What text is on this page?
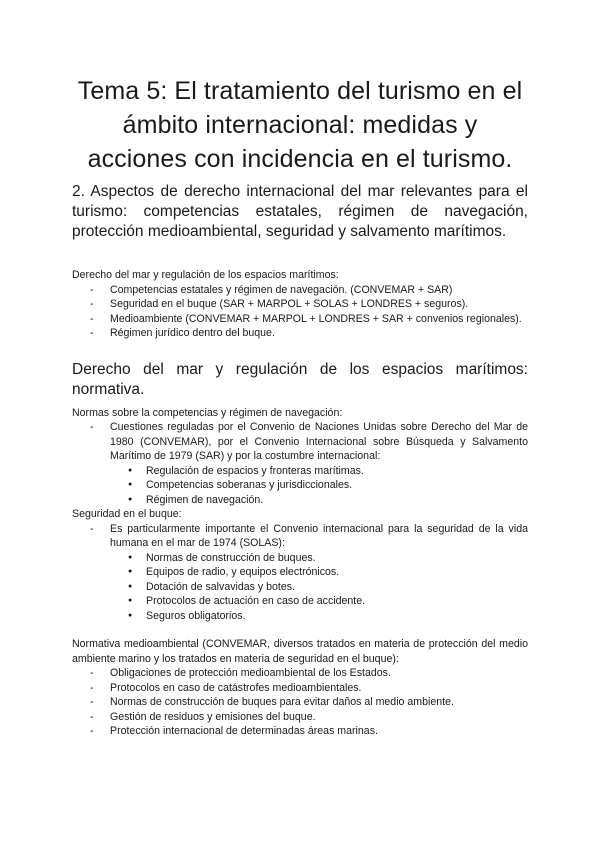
Tema 5: El tratamiento del turismo en el ámbito internacional: medidas y acciones con incidencia en el turismo.
2. Aspectos de derecho internacional del mar relevantes para el turismo: competencias estatales, régimen de navegación, protección medioambiental, seguridad y salvamento marítimos.

Derecho del mar y regulación de los espacios marítimos:

- Competencias estatales y régimen de navegación. (CONVEMAR + SAR)
- Seguridad en el buque (SAR + MARPOL + SOLAS + LONDRES + seguros).
- Medioambiente (CONVEMAR + MARPOL + LONDRES + SAR + convenios regionales).
- Régimen jurídico dentro del buque.
Derecho del mar y regulación de los espacios marítimos: normativa.

Normas sobre la competencias y régimen de navegación:

- Cuestiones reguladas por el Convenio de Naciones Unidas sobre Derecho del Mar de 1980 (CONVEMAR), por el Convenio Internacional sobre Búsqueda y Salvamento Marítimo de 1979 (SAR) y por la costumbre internacional:
● Regulación de espacios y fronteras marítimas.
● Competencias soberanas y jurisdiccionales.
● Régimen de navegación.

Seguridad en el buque:

- Es particularmente importante el Convenio internacional para la seguridad de la vida humana en el mar de 1974 (SOLAS):
● Normas de construcción de buques.
● Equipos de radio, y equipos electrónicos.
● Dotación de salvavidas y botes.
● Protocolos de actuación en caso de accidente.
● Seguros obligatorios.

Normativa medioambiental (CONVEMAR, diversos tratados en materia de protección del medio ambiente marino y los tratados en materia de seguridad en el buque):

- Obligaciones de protección medioambiental de los Estados.
- Protocolos en caso de catástrofes medioambientales.
- Normas de construcción de buques para evitar daños al medio ambiente.
- Gestión de residuos y emisiones del buque.
- Protección internacional de determinadas áreas marinas.
